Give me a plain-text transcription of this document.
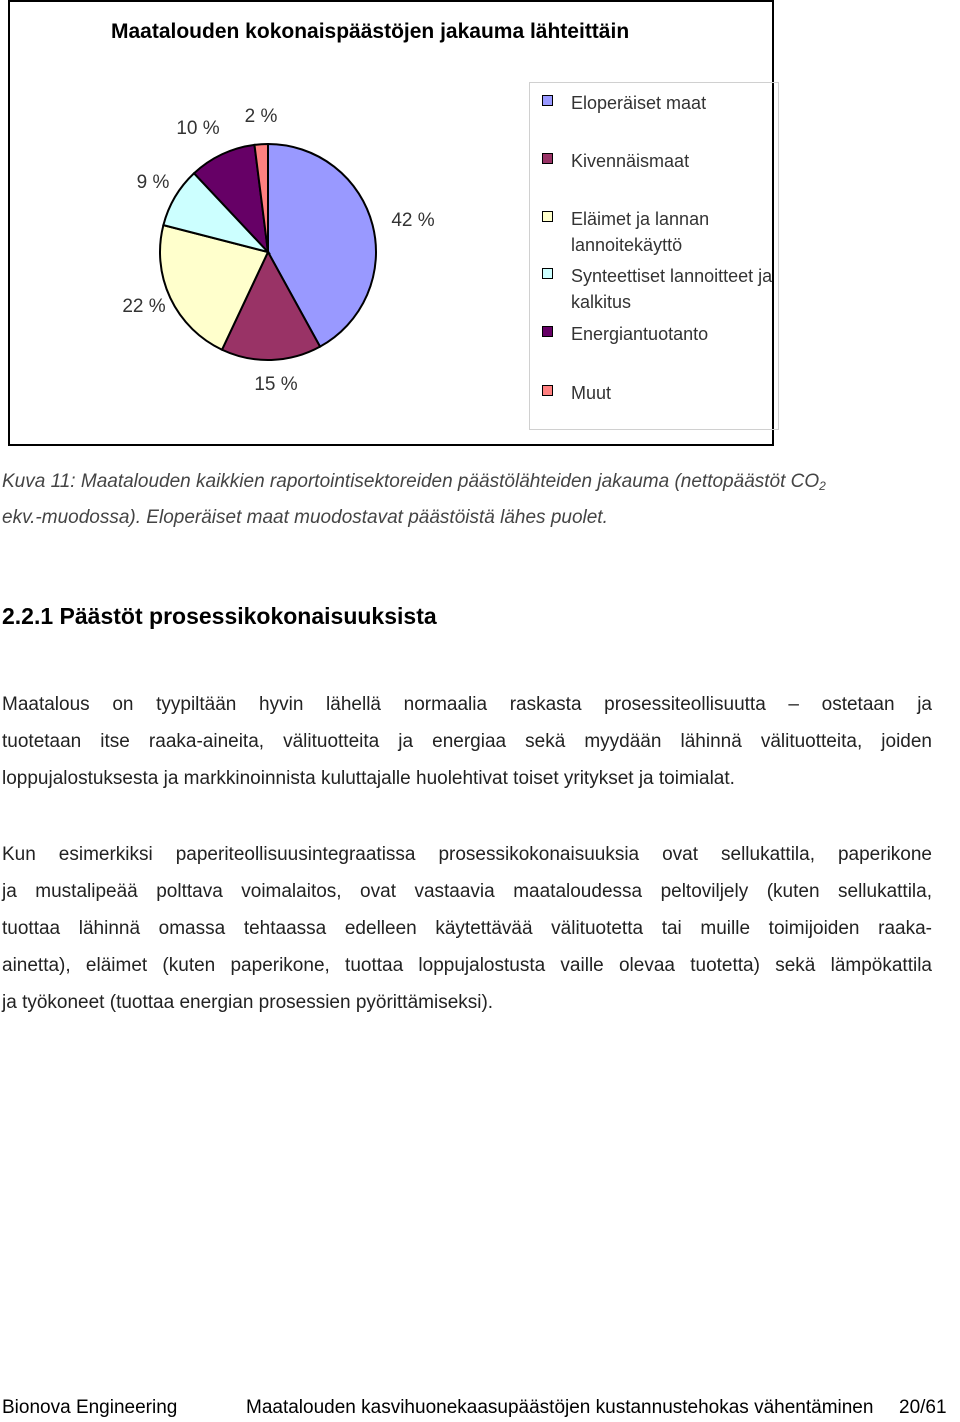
Maatalouden kokonaispäästöjen jakauma lähteittäin
42 %
15 %
22 %
9 %
10 %
2 %
Eloperäiset maat
Kivennäismaat
Eläimet ja lannan lannoitekäyttö
Synteettiset lannoitteet ja kalkitus
Energiantuotanto
Muut
Kuva 11: Maatalouden kaikkien raportointisektoreiden päästölähteiden jakauma (nettopäästöt $CO_2$
ekv.-muodossa). Eloperäiset maat muodostavat päästöistä lähes puolet.
2.2.1 Päästöt prosessikokonaisuuksista
Maatalous on tyypiltään hyvin lähellä normaalia raskasta prosessiteollisuutta – ostetaan ja
tuotetaan itse raaka-aineita, välituotteita ja energiaa sekä myydään lähinnä välituotteita, joiden
loppujalostuksesta ja markkinoinnista kuluttajalle huolehtivat toiset yritykset ja toimialat.
Kun esimerkiksi paperiteollisuusintegraatissa prosessikokonaisuuksia ovat sellukattila, paperikone
ja mustalipeää polttava voimalaitos, ovat vastaavia maataloudessa peltoviljely (kuten sellukattila,
tuottaa lähinnä omassa tehtaassa edelleen käytettävää välituotetta tai muille toimijoiden raaka-
ainetta), eläimet (kuten paperikone, tuottaa loppujalostusta vaille olevaa tuotetta) sekä lämpökattila
ja työkoneet (tuottaa energian prosessien pyörittämiseksi).
Bionova Engineering	Maatalouden kasvihuonekaasupäästöjen kustannustehokas vähentäminen 20/61
